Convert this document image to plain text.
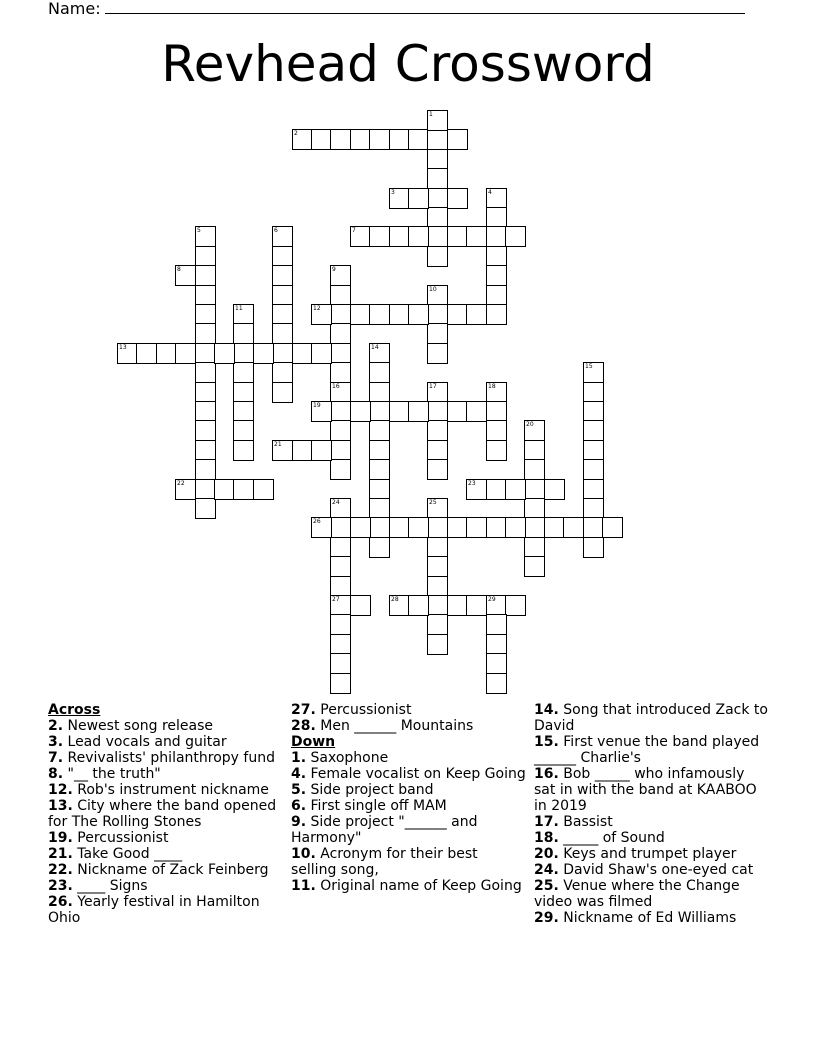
Name:
Revhead Crossword
2
1
3	4
7
5	6
8	9
16
10
11	12
13	14
15
17	18
19
20
21
22	23
24
27
25
26
28	29

Across

2. Newest song release

3. Lead vocals and guitar

7. Revivalists' philanthropy fund

8. "__ the truth"

12. Rob's instrument nickname

13. City where the band opened for The Rolling Stones

19. Percussionist

21. Take Good ____

22. Nickname of Zack Feinberg

23. ____ Signs

26. Yearly festival in Hamilton Ohio

27. Percussionist

28. Men ______ Mountains

Down

1. Saxophone

4. Female vocalist on Keep Going

5. Side project band

6. First single off MAM

9. Side project "______ and Harmony"

10. Acronym for their best selling song,

11. Original name of Keep Going

14. Song that introduced Zack to David

15. First venue the band played ______ Charlie's

16. Bob _____ who infamously sat in with the band at KAABOO in 2019

17. Bassist

18. _____ of Sound

20. Keys and trumpet player

24. David Shaw's one-eyed cat

25. Venue where the Change video was filmed

29. Nickname of Ed Williams
